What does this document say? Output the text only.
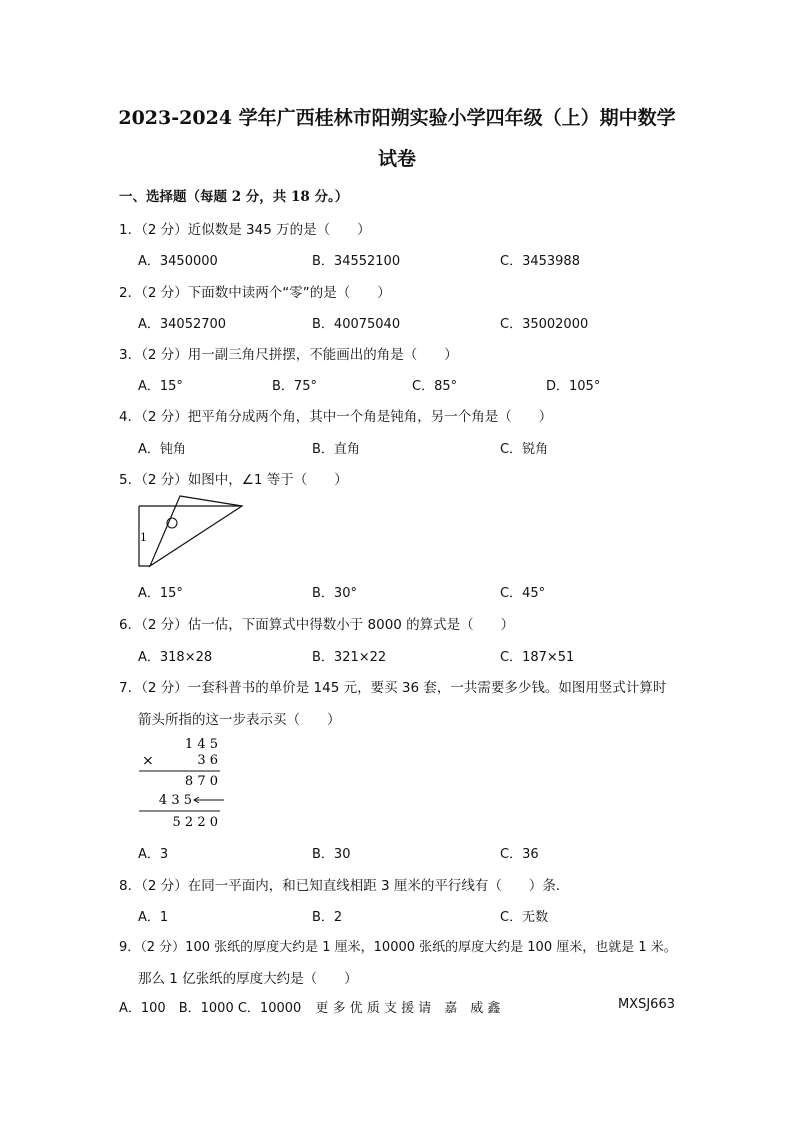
2023-2024 学年广西桂林市阳朔实验小学四年级（上）期中数学
试卷
一、选择题（每题 2 分，共 18 分。）
1．（2 分）近似数是 345 万的是（　　）
A．3450000	B．34552100	C．3453988
2．（2 分）下面数中读两个“零”的是（　　）
A．34052700	B．40075040	C．35002000
3．（2 分）用一副三角尺拼摆，不能画出的角是（　　）
A．15°	B．75°	C．85°	D．105°
4．（2 分）把平角分成两个角，其中一个角是钝角，另一个角是（　　）
A．钝角	B．直角	C．锐角
5．（2 分）如图中，∠1 等于（　　）
1
A．15°	B．30°	C．45°
6．（2 分）估一估，下面算式中得数小于 8000 的算式是（　　）
A．318×28	B．321×22	C．187×51
7．（2 分）一套科普书的单价是 145 元，要买 36 套，一共需要多少钱。如图用竖式计算时
箭头所指的这一步表示买（　　）
1 4 5
×	3 6
8 7 0
4 3 5
5 2 2 0
A．3	B．30	C．36
8．（2 分）在同一平面内，和已知直线相距 3 厘米的平行线有（　　）条．
A．1	B．2	C．无数
9．（2 分）100 张纸的厚度大约是 1 厘米，10000 张纸的厚度大约是 100 厘米，也就是 1 米。
那么 1 亿张纸的厚度大约是（　　）
A．100　B．1000 C．10000 更 多 优 质 支 援 请　嘉　威 鑫	MXSJ663
